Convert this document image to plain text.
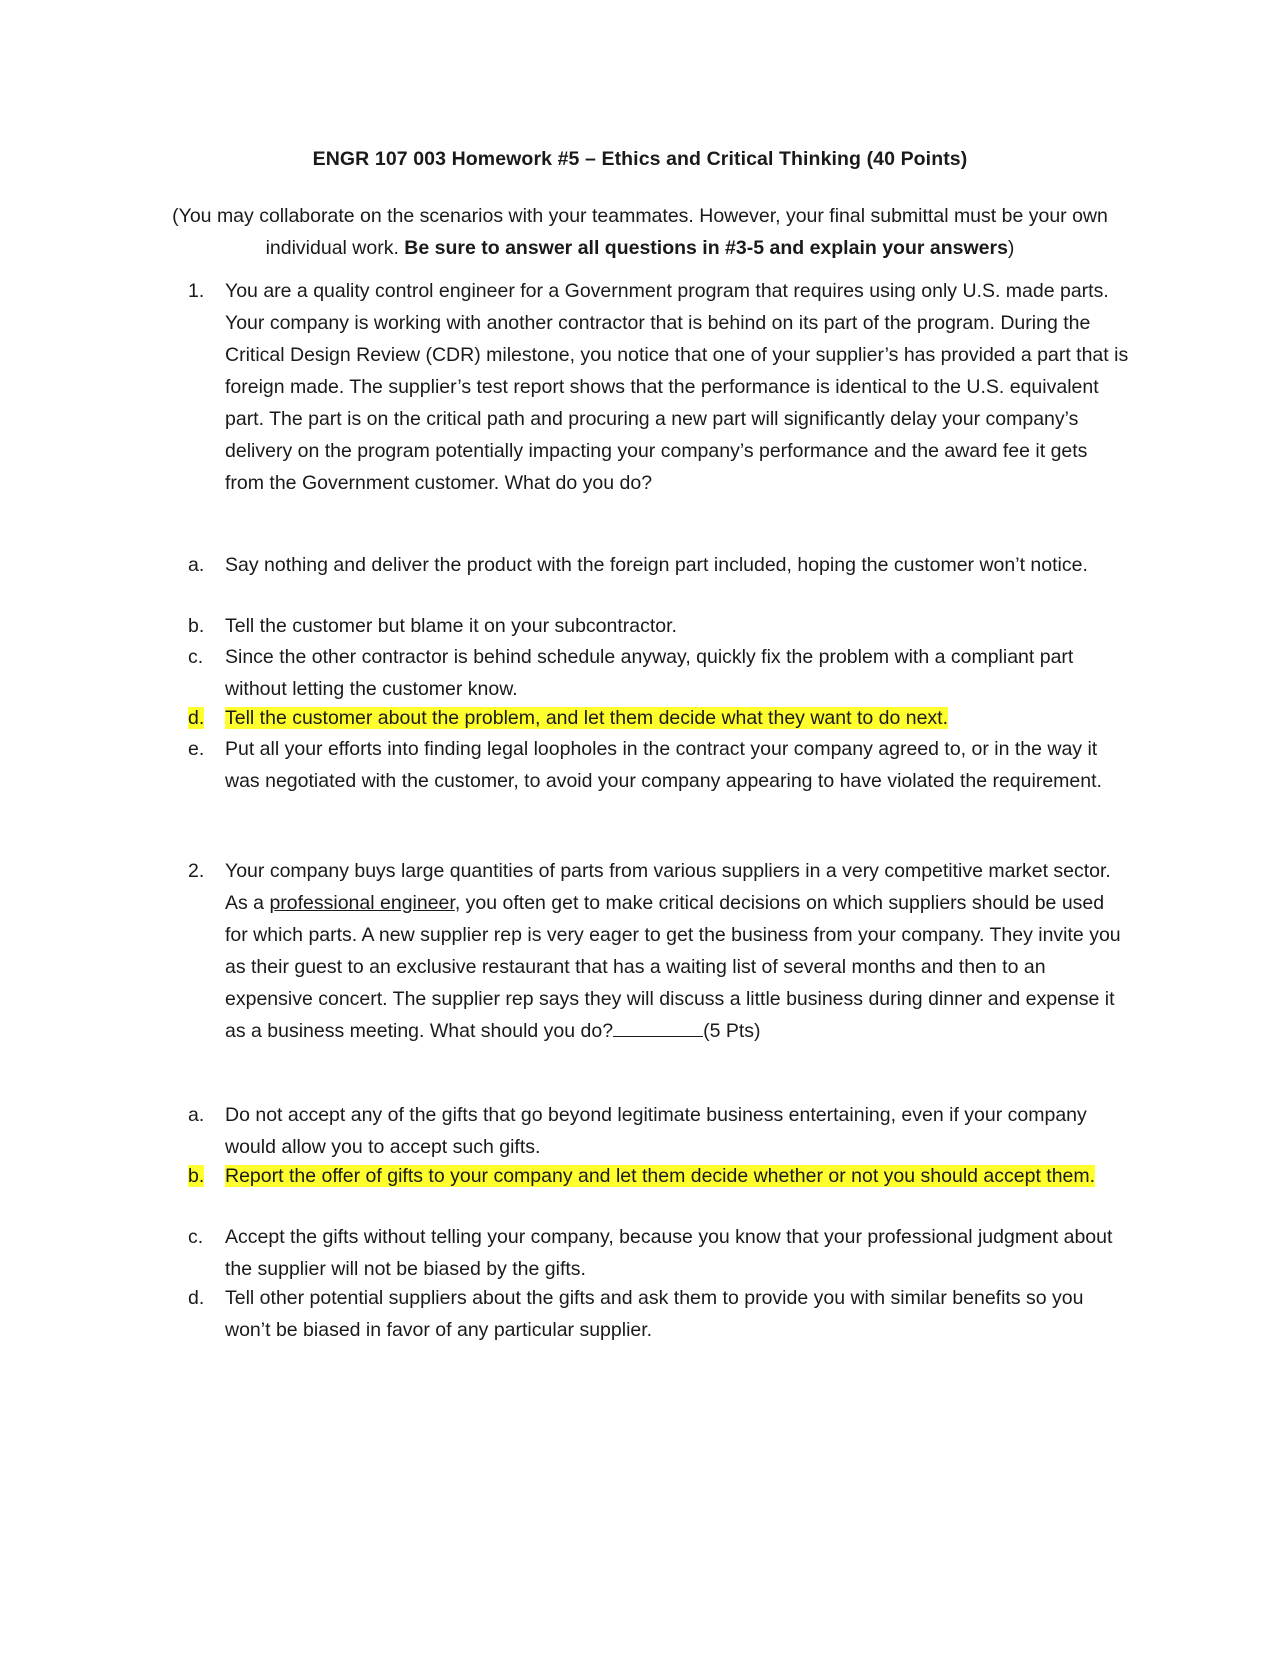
ENGR 107 003 Homework #5 – Ethics and Critical Thinking (40 Points)
(You may collaborate on the scenarios with your teammates. However, your final submittal must be your own individual work. Be sure to answer all questions in #3-5 and explain your answers)
1. You are a quality control engineer for a Government program that requires using only U.S. made parts. Your company is working with another contractor that is behind on its part of the program. During the Critical Design Review (CDR) milestone, you notice that one of your supplier’s has provided a part that is foreign made. The supplier’s test report shows that the performance is identical to the U.S. equivalent part. The part is on the critical path and procuring a new part will significantly delay your company’s delivery on the program potentially impacting your company’s performance and the award fee it gets from the Government customer. What do you do?
a. Say nothing and deliver the product with the foreign part included, hoping the customer won’t notice.
b. Tell the customer but blame it on your subcontractor.
c. Since the other contractor is behind schedule anyway, quickly fix the problem with a compliant part without letting the customer know.
d. Tell the customer about the problem, and let them decide what they want to do next.
e. Put all your efforts into finding legal loopholes in the contract your company agreed to, or in the way it was negotiated with the customer, to avoid your company appearing to have violated the requirement.
2. Your company buys large quantities of parts from various suppliers in a very competitive market sector. As a professional engineer, you often get to make critical decisions on which suppliers should be used for which parts. A new supplier rep is very eager to get the business from your company. They invite you as their guest to an exclusive restaurant that has a waiting list of several months and then to an expensive concert. The supplier rep says they will discuss a little business during dinner and expense it as a business meeting. What should you do?	(5 Pts)
a. Do not accept any of the gifts that go beyond legitimate business entertaining, even if your company would allow you to accept such gifts.
b. Report the offer of gifts to your company and let them decide whether or not you should accept them.
c. Accept the gifts without telling your company, because you know that your professional judgment about the supplier will not be biased by the gifts.
d. Tell other potential suppliers about the gifts and ask them to provide you with similar benefits so you won’t be biased in favor of any particular supplier.
